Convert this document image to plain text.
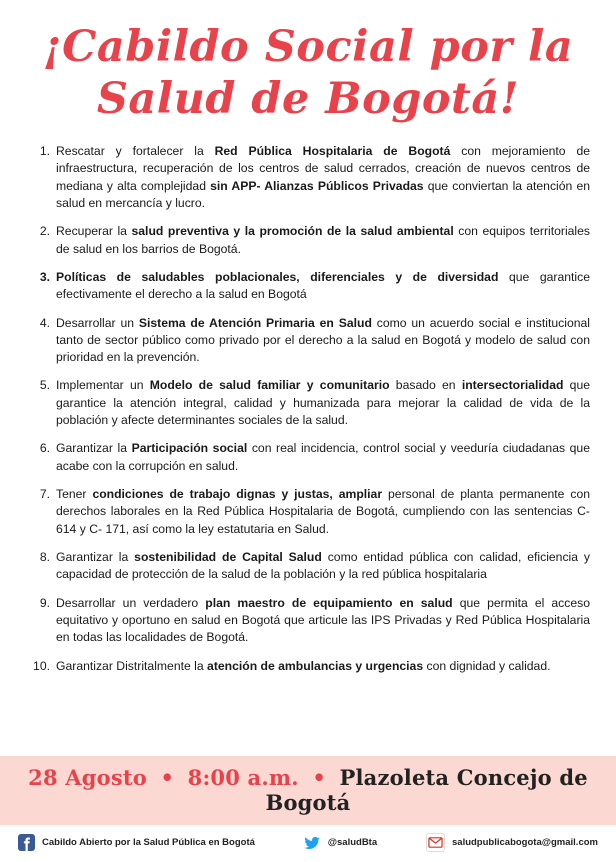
¡Cabildo Social por la
Salud de Bogotá!
1. Rescatar y fortalecer la Red Pública Hospitalaria de Bogotá con mejoramiento de infraestructura, recuperación de los centros de salud cerrados, creación de nuevos centros de mediana y alta complejidad sin APP- Alianzas Públicos Privadas que conviertan la atención en salud en mercancía y lucro.
2. Recuperar la salud preventiva y la promoción de la salud ambiental con equipos territoriales de salud en los barrios de Bogotá.
3. Políticas de saludables poblacionales, diferenciales y de diversidad que garantice efectivamente el derecho a la salud en Bogotá
4. Desarrollar un Sistema de Atención Primaria en Salud como un acuerdo social e institucional tanto de sector público como privado por el derecho a la salud en Bogotá y modelo de salud con prioridad en la prevención.
5. Implementar un Modelo de salud familiar y comunitario basado en intersectorialidad que garantice la atención integral, calidad y humanizada para mejorar la calidad de vida de la población y afecte determinantes sociales de la salud.
6. Garantizar la Participación social con real incidencia, control social y veeduría ciudadanas que acabe con la corrupción en salud.
7. Tener condiciones de trabajo dignas y justas, ampliar personal de planta permanente con derechos laborales en la Red Pública Hospitalaria de Bogotá, cumpliendo con las sentencias C- 614 y C- 171, así como la ley estatutaria en Salud.
8. Garantizar la sostenibilidad de Capital Salud como entidad pública con calidad, eficiencia y capacidad de protección de la salud de la población y la red pública hospitalaria
9. Desarrollar un verdadero plan maestro de equipamiento en salud que permita el acceso equitativo y oportuno en salud en Bogotá que articule las IPS Privadas y Red Pública Hospitalaria en todas las localidades de Bogotá.
10. Garantizar Distritalmente la atención de ambulancias y urgencias con dignidad y calidad.
28 Agosto • 8:00 a.m. • Plazoleta Concejo de Bogotá
Cabildo Abierto por la Salud Pública en Bogotá	@saludBta	saludpublicabogota@gmail.com
